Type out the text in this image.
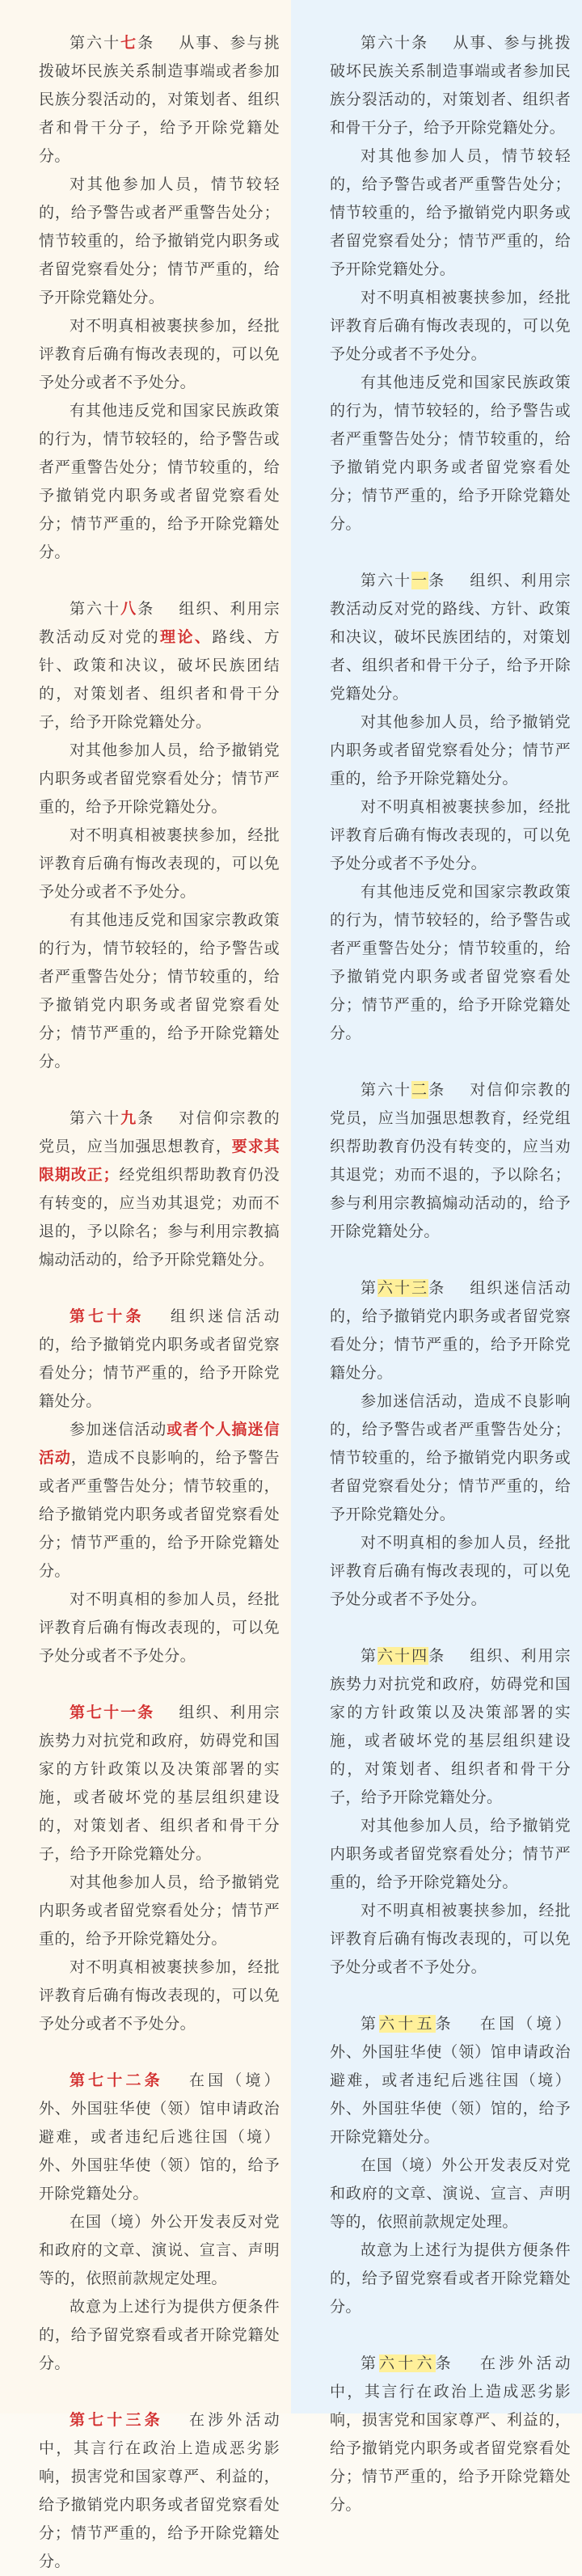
第六十七条 从事、参与挑拨破坏民族关系制造事端或者参加民族分裂活动的，对策划者、组织者和骨干分子，给予开除党籍处分。

对其他参加人员，情节较轻的，给予警告或者严重警告处分；情节较重的，给予撤销党内职务或者留党察看处分；情节严重的，给予开除党籍处分。

对不明真相被裹挟参加，经批评教育后确有悔改表现的，可以免予处分或者不予处分。

有其他违反党和国家民族政策的行为，情节较轻的，给予警告或者严重警告处分；情节较重的，给予撤销党内职务或者留党察看处分；情节严重的，给予开除党籍处分。

第六十八条 组织、利用宗教活动反对党的理论、路线、方针、政策和决议，破坏民族团结的，对策划者、组织者和骨干分子，给予开除党籍处分。

对其他参加人员，给予撤销党内职务或者留党察看处分；情节严重的，给予开除党籍处分。

对不明真相被裹挟参加，经批评教育后确有悔改表现的，可以免予处分或者不予处分。

有其他违反党和国家宗教政策的行为，情节较轻的，给予警告或者严重警告处分；情节较重的，给予撤销党内职务或者留党察看处分；情节严重的，给予开除党籍处分。

第六十九条 对信仰宗教的党员，应当加强思想教育，要求其限期改正；经党组织帮助教育仍没有转变的，应当劝其退党；劝而不退的，予以除名；参与利用宗教搞煽动活动的，给予开除党籍处分。

第七十条 组织迷信活动的，给予撤销党内职务或者留党察看处分；情节严重的，给予开除党籍处分。

参加迷信活动或者个人搞迷信活动，造成不良影响的，给予警告或者严重警告处分；情节较重的，给予撤销党内职务或者留党察看处分；情节严重的，给予开除党籍处分。

对不明真相的参加人员，经批评教育后确有悔改表现的，可以免予处分或者不予处分。

第七十一条 组织、利用宗族势力对抗党和政府，妨碍党和国家的方针政策以及决策部署的实施，或者破坏党的基层组织建设的，对策划者、组织者和骨干分子，给予开除党籍处分。

对其他参加人员，给予撤销党内职务或者留党察看处分；情节严重的，给予开除党籍处分。

对不明真相被裹挟参加，经批评教育后确有悔改表现的，可以免予处分或者不予处分。

第七十二条 在国（境）外、外国驻华使（领）馆申请政治避难，或者违纪后逃往国（境）外、外国驻华使（领）馆的，给予开除党籍处分。

在国（境）外公开发表反对党和政府的文章、演说、宣言、声明等的，依照前款规定处理。

故意为上述行为提供方便条件的，给予留党察看或者开除党籍处分。

第七十三条 在涉外活动中，其言行在政治上造成恶劣影响，损害党和国家尊严、利益的，给予撤销党内职务或者留党察看处分；情节严重的，给予开除党籍处分。

第六十条 从事、参与挑拨破坏民族关系制造事端或者参加民族分裂活动的，对策划者、组织者和骨干分子，给予开除党籍处分。

对其他参加人员，情节较轻的，给予警告或者严重警告处分；情节较重的，给予撤销党内职务或者留党察看处分；情节严重的，给予开除党籍处分。

对不明真相被裹挟参加，经批评教育后确有悔改表现的，可以免予处分或者不予处分。

有其他违反党和国家民族政策的行为，情节较轻的，给予警告或者严重警告处分；情节较重的，给予撤销党内职务或者留党察看处分；情节严重的，给予开除党籍处分。

第六十一条 组织、利用宗教活动反对党的路线、方针、政策和决议，破坏民族团结的，对策划者、组织者和骨干分子，给予开除党籍处分。

对其他参加人员，给予撤销党内职务或者留党察看处分；情节严重的，给予开除党籍处分。

对不明真相被裹挟参加，经批评教育后确有悔改表现的，可以免予处分或者不予处分。

有其他违反党和国家宗教政策的行为，情节较轻的，给予警告或者严重警告处分；情节较重的，给予撤销党内职务或者留党察看处分；情节严重的，给予开除党籍处分。

第六十二条 对信仰宗教的党员，应当加强思想教育，经党组织帮助教育仍没有转变的，应当劝其退党；劝而不退的，予以除名；参与利用宗教搞煽动活动的，给予开除党籍处分。

第六十三条 组织迷信活动的，给予撤销党内职务或者留党察看处分；情节严重的，给予开除党籍处分。

参加迷信活动，造成不良影响的，给予警告或者严重警告处分；情节较重的，给予撤销党内职务或者留党察看处分；情节严重的，给予开除党籍处分。

对不明真相的参加人员，经批评教育后确有悔改表现的，可以免予处分或者不予处分。

第六十四条 组织、利用宗族势力对抗党和政府，妨碍党和国家的方针政策以及决策部署的实施，或者破坏党的基层组织建设的，对策划者、组织者和骨干分子，给予开除党籍处分。

对其他参加人员，给予撤销党内职务或者留党察看处分；情节严重的，给予开除党籍处分。

对不明真相被裹挟参加，经批评教育后确有悔改表现的，可以免予处分或者不予处分。

第六十五条 在国（境）外、外国驻华使（领）馆申请政治避难，或者违纪后逃往国（境）外、外国驻华使（领）馆的，给予开除党籍处分。

在国（境）外公开发表反对党和政府的文章、演说、宣言、声明等的，依照前款规定处理。

故意为上述行为提供方便条件的，给予留党察看或者开除党籍处分。

第六十六条 在涉外活动中，其言行在政治上造成恶劣影响，损害党和国家尊严、利益的，给予撤销党内职务或者留党察看处分；情节严重的，给予开除党籍处分。
